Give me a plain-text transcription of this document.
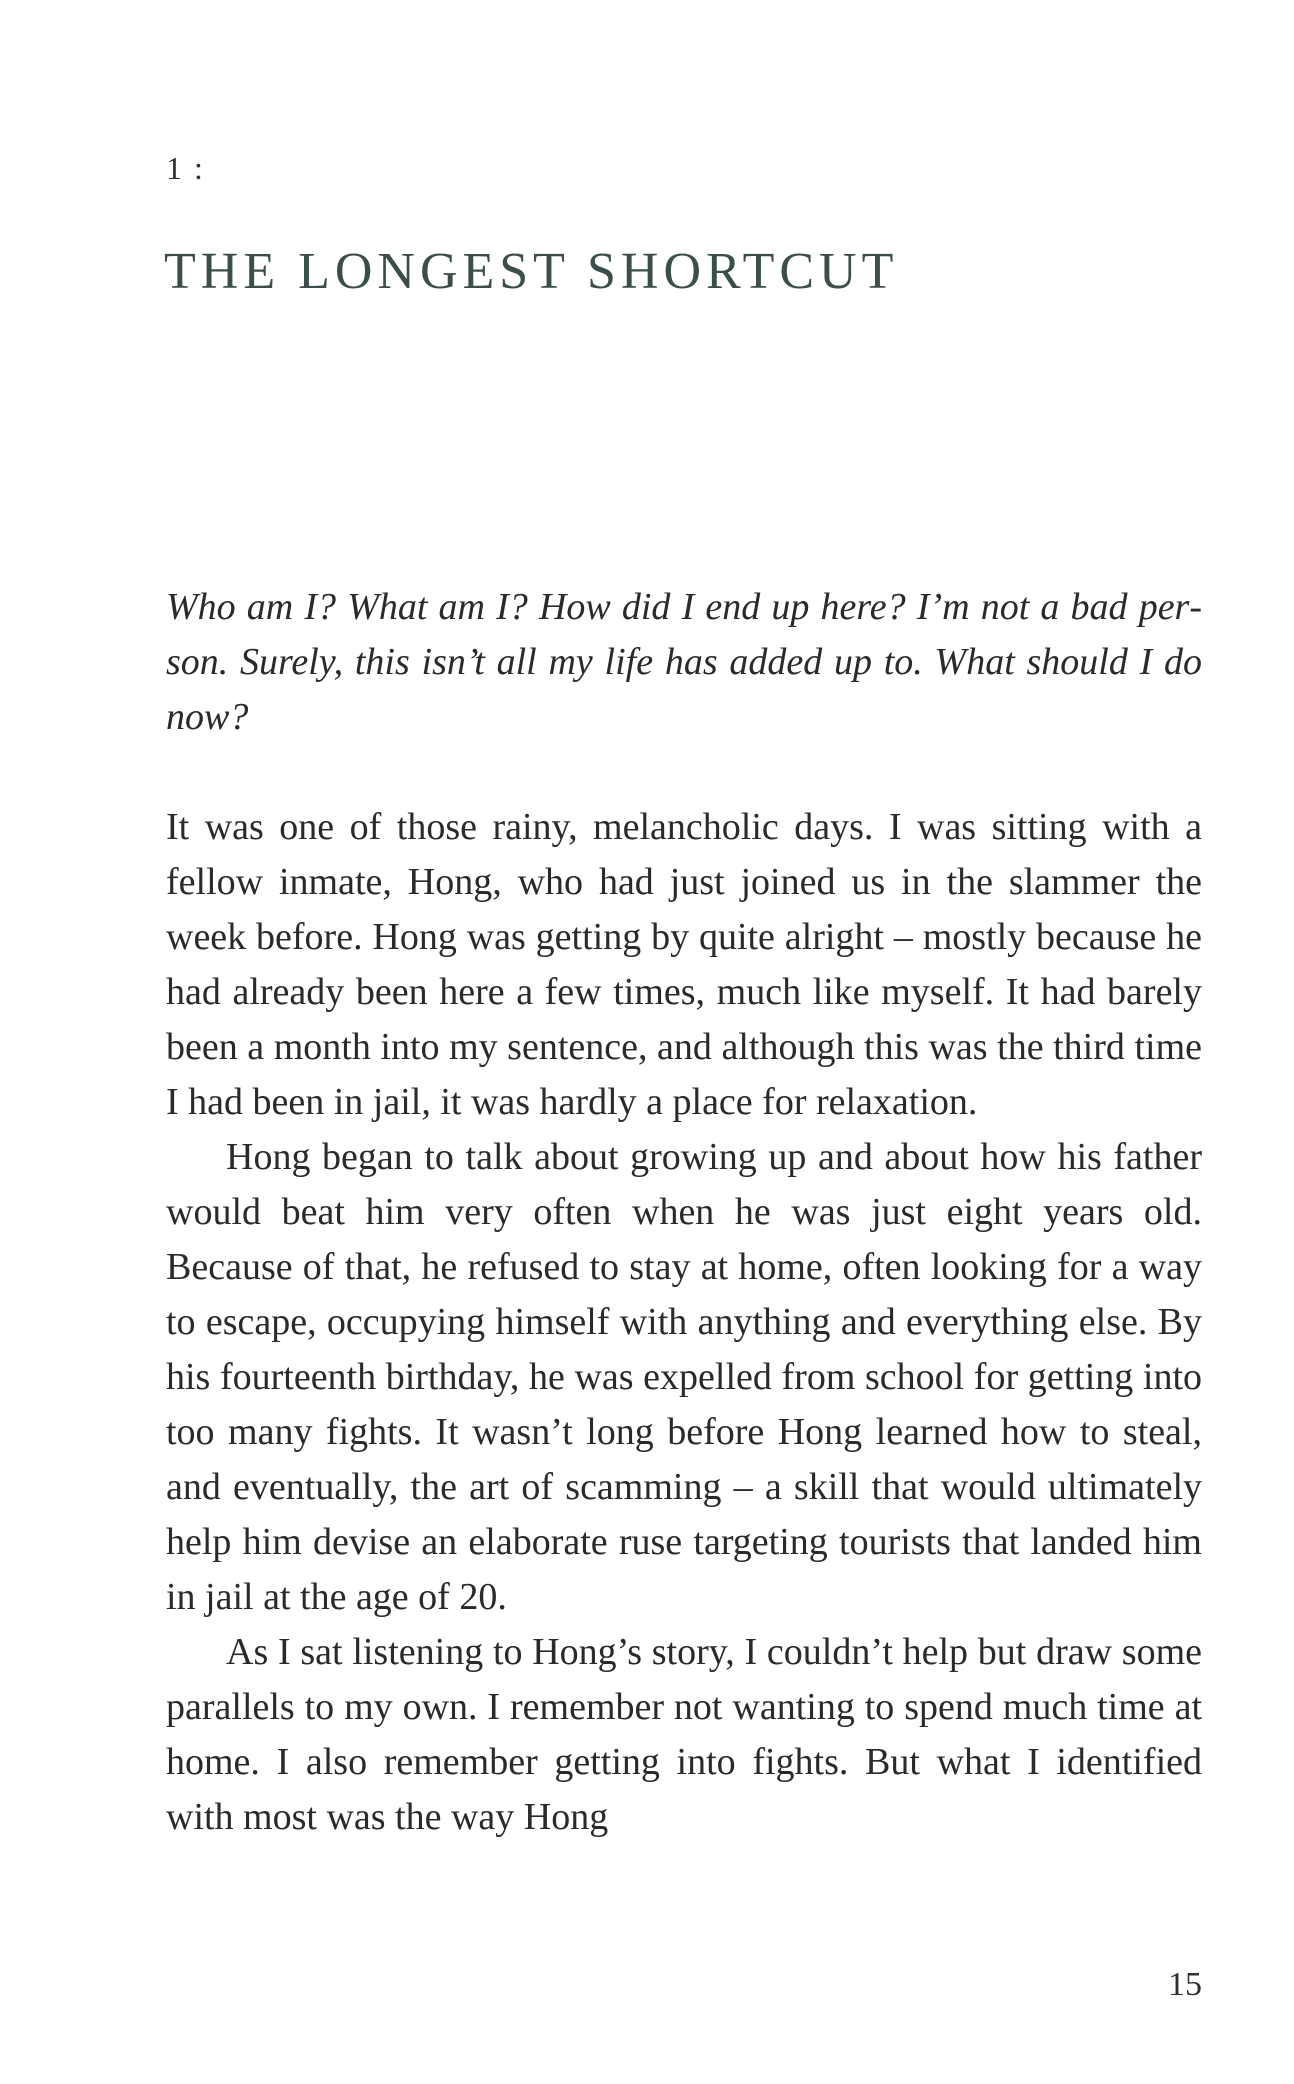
1 :
THE LONGEST SHORTCUT

Who am I? What am I? How did I end up here? I’m not a bad person. Surely, this isn’t all my life has added up to. What should I do now?

It was one of those rainy, melancholic days. I was sitting with a fellow inmate, Hong, who had just joined us in the slammer the week before. Hong was getting by quite alright – mostly because he had already been here a few times, much like myself. It had barely been a month into my sentence, and although this was the third time I had been in jail, it was hardly a place for relaxation.

Hong began to talk about growing up and about how his father would beat him very often when he was just eight years old. Because of that, he refused to stay at home, often looking for a way to escape, occupying himself with anything and everything else. By his fourteenth birthday, he was expelled from school for getting into too many fights. It wasn’t long before Hong learned how to steal, and eventually, the art of scamming – a skill that would ultimately help him devise an elaborate ruse targeting tourists that landed him in jail at the age of 20.

As I sat listening to Hong’s story, I couldn’t help but draw some parallels to my own. I remember not wanting to spend much time at home. I also remember getting into fights. But what I identified with most was the way Hong

15
